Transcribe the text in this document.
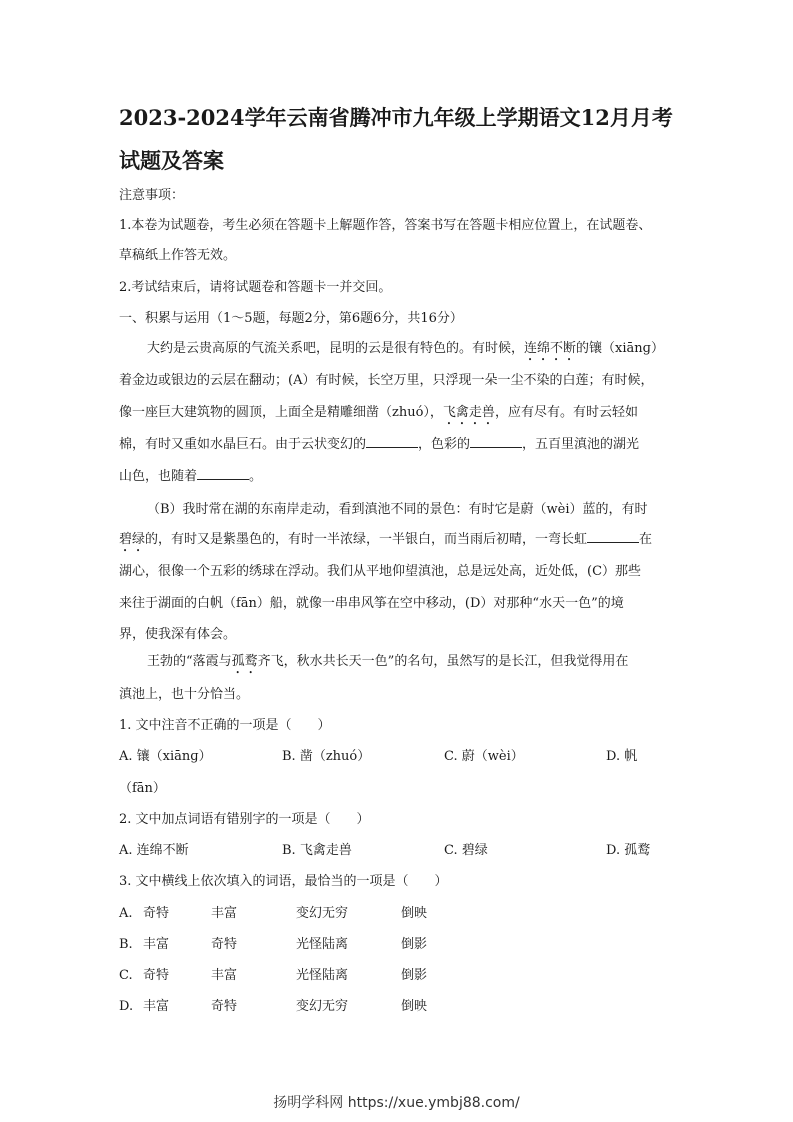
2023-2024学年云南省腾冲市九年级上学期语文12月月考试题及答案
注意事项：
1.本卷为试题卷，考生必须在答题卡上解题作答，答案书写在答题卡相应位置上，在试题卷、
草稿纸上作答无效。
2.考试结束后，请将试题卷和答题卡一并交回。
一、积累与运用（1～5题，每题2分，第6题6分，共16分）
大约是云贵高原的气流关系吧，昆明的云是很有特色的。有时候，连绵不断的镶（xiānɡ）
着金边或银边的云层在翻动；(A）有时候，长空万里，只浮现一朵一尘不染的白莲；有时候，
像一座巨大建筑物的圆顶，上面全是精雕细凿（zhuó），飞禽走兽，应有尽有。有时云轻如
棉，有时又重如水晶巨石。由于云状变幻的	，色彩的	，五百里滇池的湖光
山色，也随着	。
（B）我时常在湖的东南岸走动，看到滇池不同的景色：有时它是蔚（wèi）蓝的，有时
碧绿的，有时又是紫墨色的，有时一半浓绿，一半银白，而当雨后初晴，一弯长虹	在
湖心，很像一个五彩的绣球在浮动。我们从平地仰望滇池，总是远处高，近处低，(C）那些
来往于湖面的白帆（fān）船，就像一串串风筝在空中移动，(D）对那种“水天一色”的境
界，使我深有体会。
王勃的“落霞与孤鹜齐飞，秋水共长天一色”的名句，虽然写的是长江，但我觉得用在
滇池上，也十分恰当。
1. 文中注音不正确的一项是（　　）
A. 镶（xiānɡ）	B. 凿（zhuó）	C. 蔚（wèi）	D. 帆
（fān）
2. 文中加点词语有错别字的一项是（　　）
A. 连绵不断	B. 飞禽走兽	C. 碧绿	D. 孤鹜
3. 文中横线上依次填入的词语，最恰当的一项是（　　）
A. 奇特	丰富	变幻无穷	倒映
B. 丰富	奇特	光怪陆离	倒影
C. 奇特	丰富	光怪陆离	倒影
D. 丰富	奇特	变幻无穷	倒映
扬明学科网 https://xue.ymbj88.com/
